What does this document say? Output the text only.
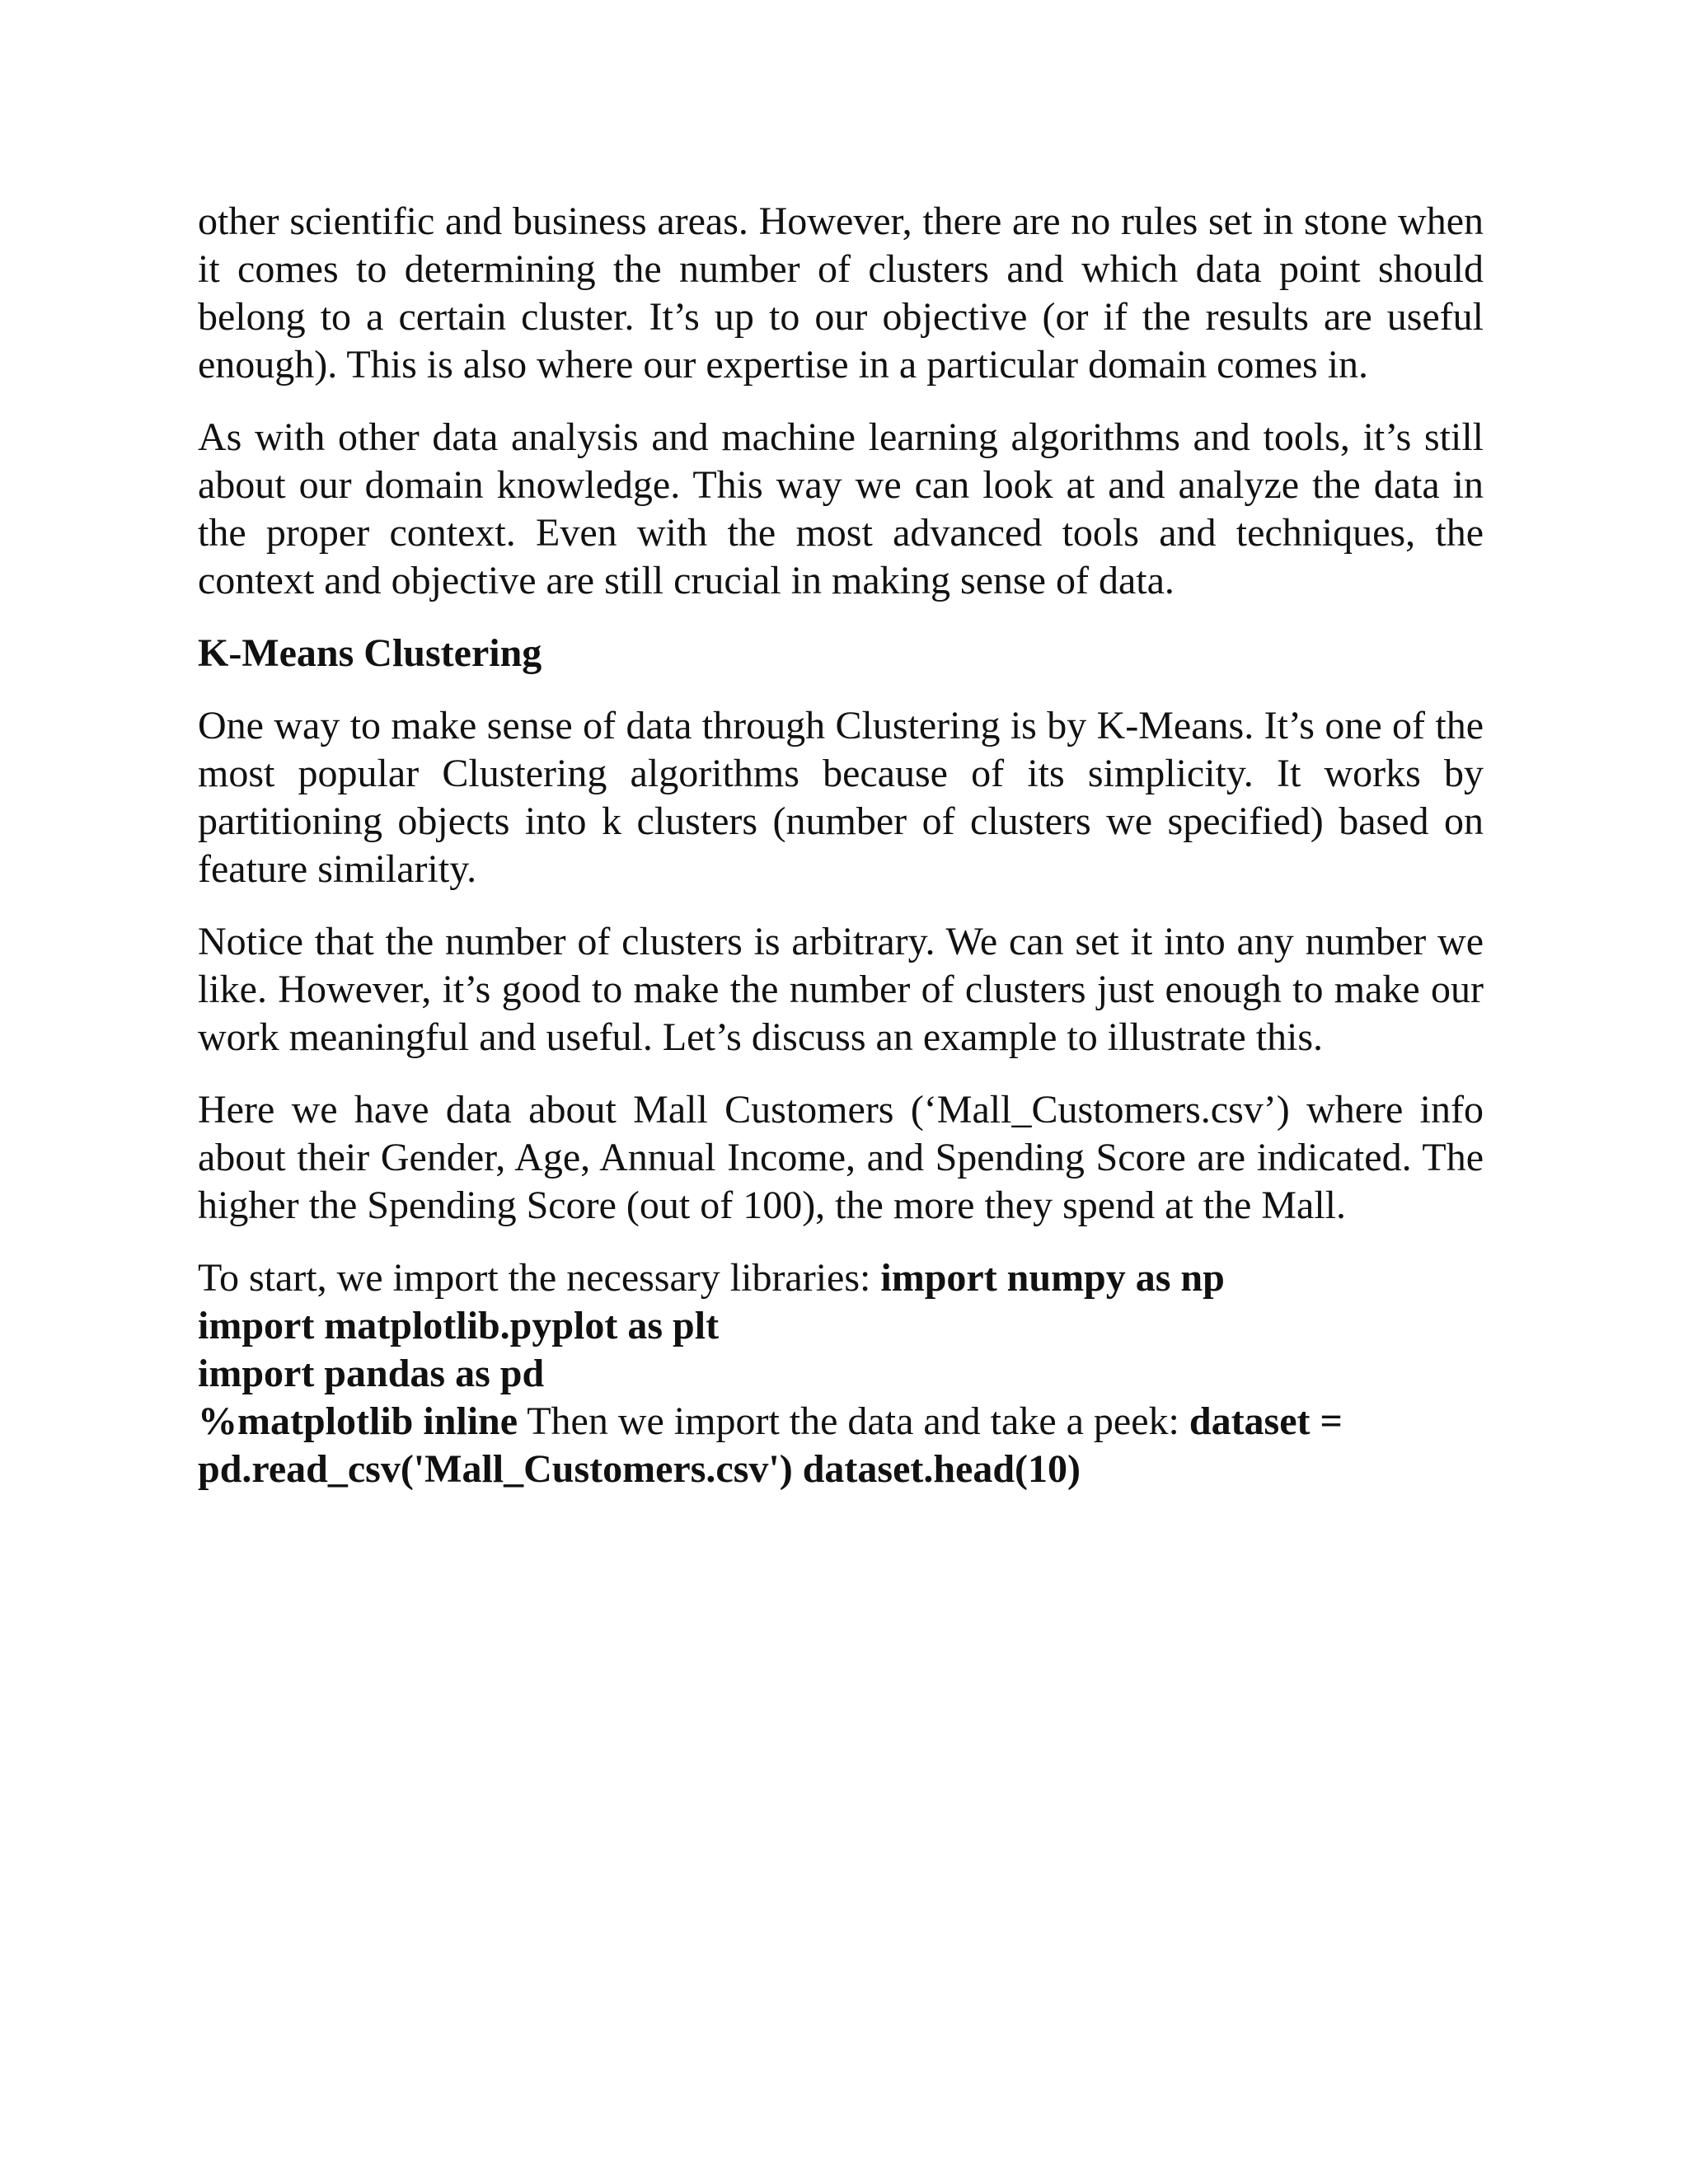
other scientific and business areas. However, there are no rules set in stone when it comes to determining the number of clusters and which data point should belong to a certain cluster. It’s up to our objective (or if the results are useful enough). This is also where our expertise in a particular domain comes in.

As with other data analysis and machine learning algorithms and tools, it’s still about our domain knowledge. This way we can look at and analyze the data in the proper context. Even with the most advanced tools and techniques, the context and objective are still crucial in making sense of data.

K-Means Clustering

One way to make sense of data through Clustering is by K-Means. It’s one of the most popular Clustering algorithms because of its simplicity. It works by partitioning objects into k clusters (number of clusters we specified) based on feature similarity.

Notice that the number of clusters is arbitrary. We can set it into any number we like. However, it’s good to make the number of clusters just enough to make our work meaningful and useful. Let’s discuss an example to illustrate this.

Here we have data about Mall Customers (‘Mall_Customers.csv’) where info about their Gender, Age, Annual Income, and Spending Score are indicated. The higher the Spending Score (out of 100), the more they spend at the Mall.

To start, we import the necessary libraries: import numpy as np
import matplotlib.pyplot as plt
import pandas as pd
%matplotlib inline Then we import the data and take a peek: dataset =
pd.read_csv('Mall_Customers.csv') dataset.head(10)
